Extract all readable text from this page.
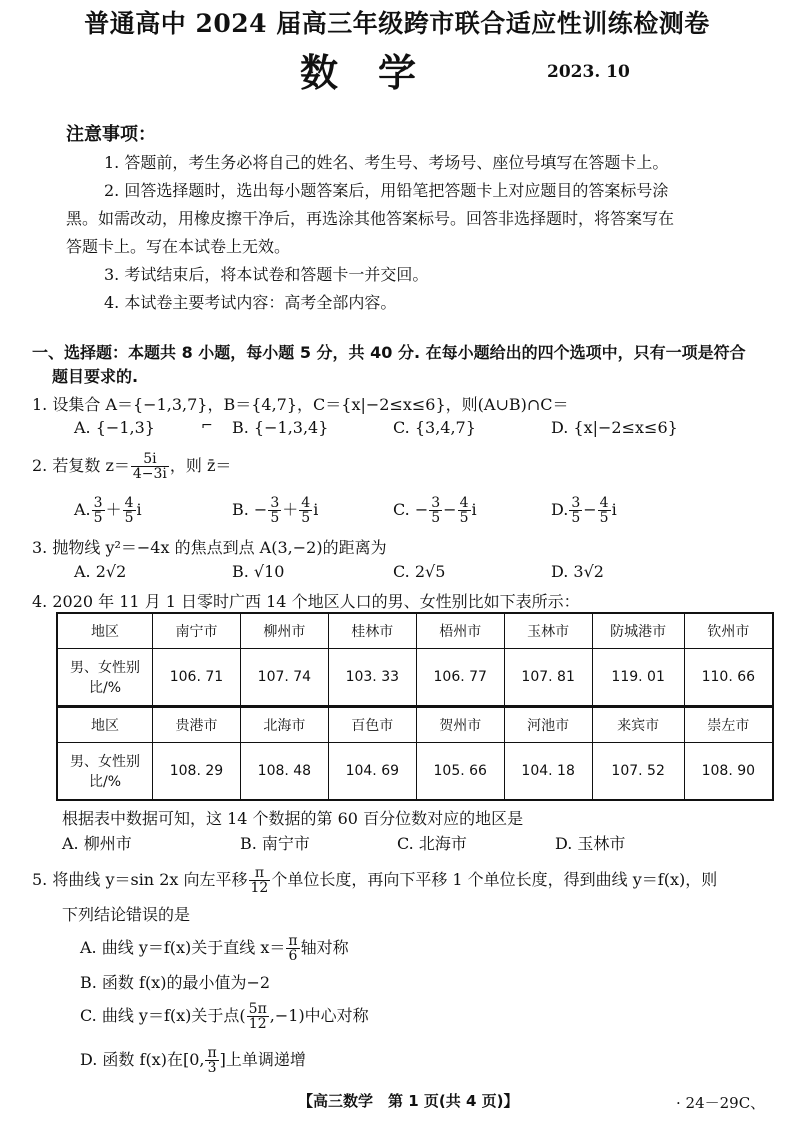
普通高中 2024 届高三年级跨市联合适应性训练检测卷
数学	2023. 10
注意事项：
1. 答题前，考生务必将自己的姓名、考生号、考场号、座位号填写在答题卡上。
2. 回答选择题时，选出每小题答案后，用铅笔把答题卡上对应题目的答案标号涂
黑。如需改动，用橡皮擦干净后，再选涂其他答案标号。回答非选择题时，将答案写在
答题卡上。写在本试卷上无效。
3. 考试结束后，将本试卷和答题卡一并交回。
4. 本试卷主要考试内容：高考全部内容。
一、选择题：本题共 8 小题，每小题 5 分，共 40 分. 在每小题给出的四个选项中，只有一项是符合
题目要求的.
1. 设集合 A＝{−1,3,7}，B＝{4,7}，C＝{x|−2≤x≤6}，则(A∪B)∩C＝
A. {−1,3}	⌐ B. {−1,3,4}	C. {3,4,7}	D. {x|−2≤x≤6}
2. 若复数 $z= \frac{5i}{4-3i}$ ，则 z̄＝
A. $\frac{3}{5} + \frac{4}{5}$ i	B. − $\frac{3}{5} + \frac{4}{5}$ i	C. − $\frac{3}{5} - \frac{4}{5}$ i	D. $\frac{3}{5} - \frac{4}{5}$ i
3. 抛物线 y²＝−4x 的焦点到点 A(3,−2)的距离为
A. 2√2	B. √10	C. 2√5	D. 3√2
4. 2020 年 11 月 1 日零时广西 14 个地区人口的男、女性别比如下表所示：
地区	南宁市	柳州市	桂林市	梧州市	玉林市	防城港市	钦州市
男、女性别
比/%	106. 71	107. 74	103. 33	106. 77	107. 81	119. 01	110. 66
地区	贵港市	北海市	百色市	贺州市	河池市	来宾市	崇左市
男、女性别
比/%	108. 29	108. 48	104. 69	105. 66	104. 18	107. 52	108. 90
根据表中数据可知，这 14 个数据的第 60 百分位数对应的地区是
A. 柳州市	B. 南宁市	C. 北海市	D. 玉林市
5. 将曲线 y＝sin 2x 向左平移 $\frac{\pi}{12}$ 个单位长度，再向下平移 1 个单位长度，得到曲线 y＝f(x)，则
下列结论错误的是
A. 曲线 y＝f(x)关于直线 $x= \frac{\pi}{6}$ 轴对称
B. 函数 f(x)的最小值为−2
C. 曲线 y＝f(x)关于点( $\frac{5\pi}{12} ,-1$)中心对称
D. 函数 f(x)在[0, $\frac{\pi}{3}$ ]上单调递增
【高三数学　第 1 页(共 4 页)】	· 24－29C、
